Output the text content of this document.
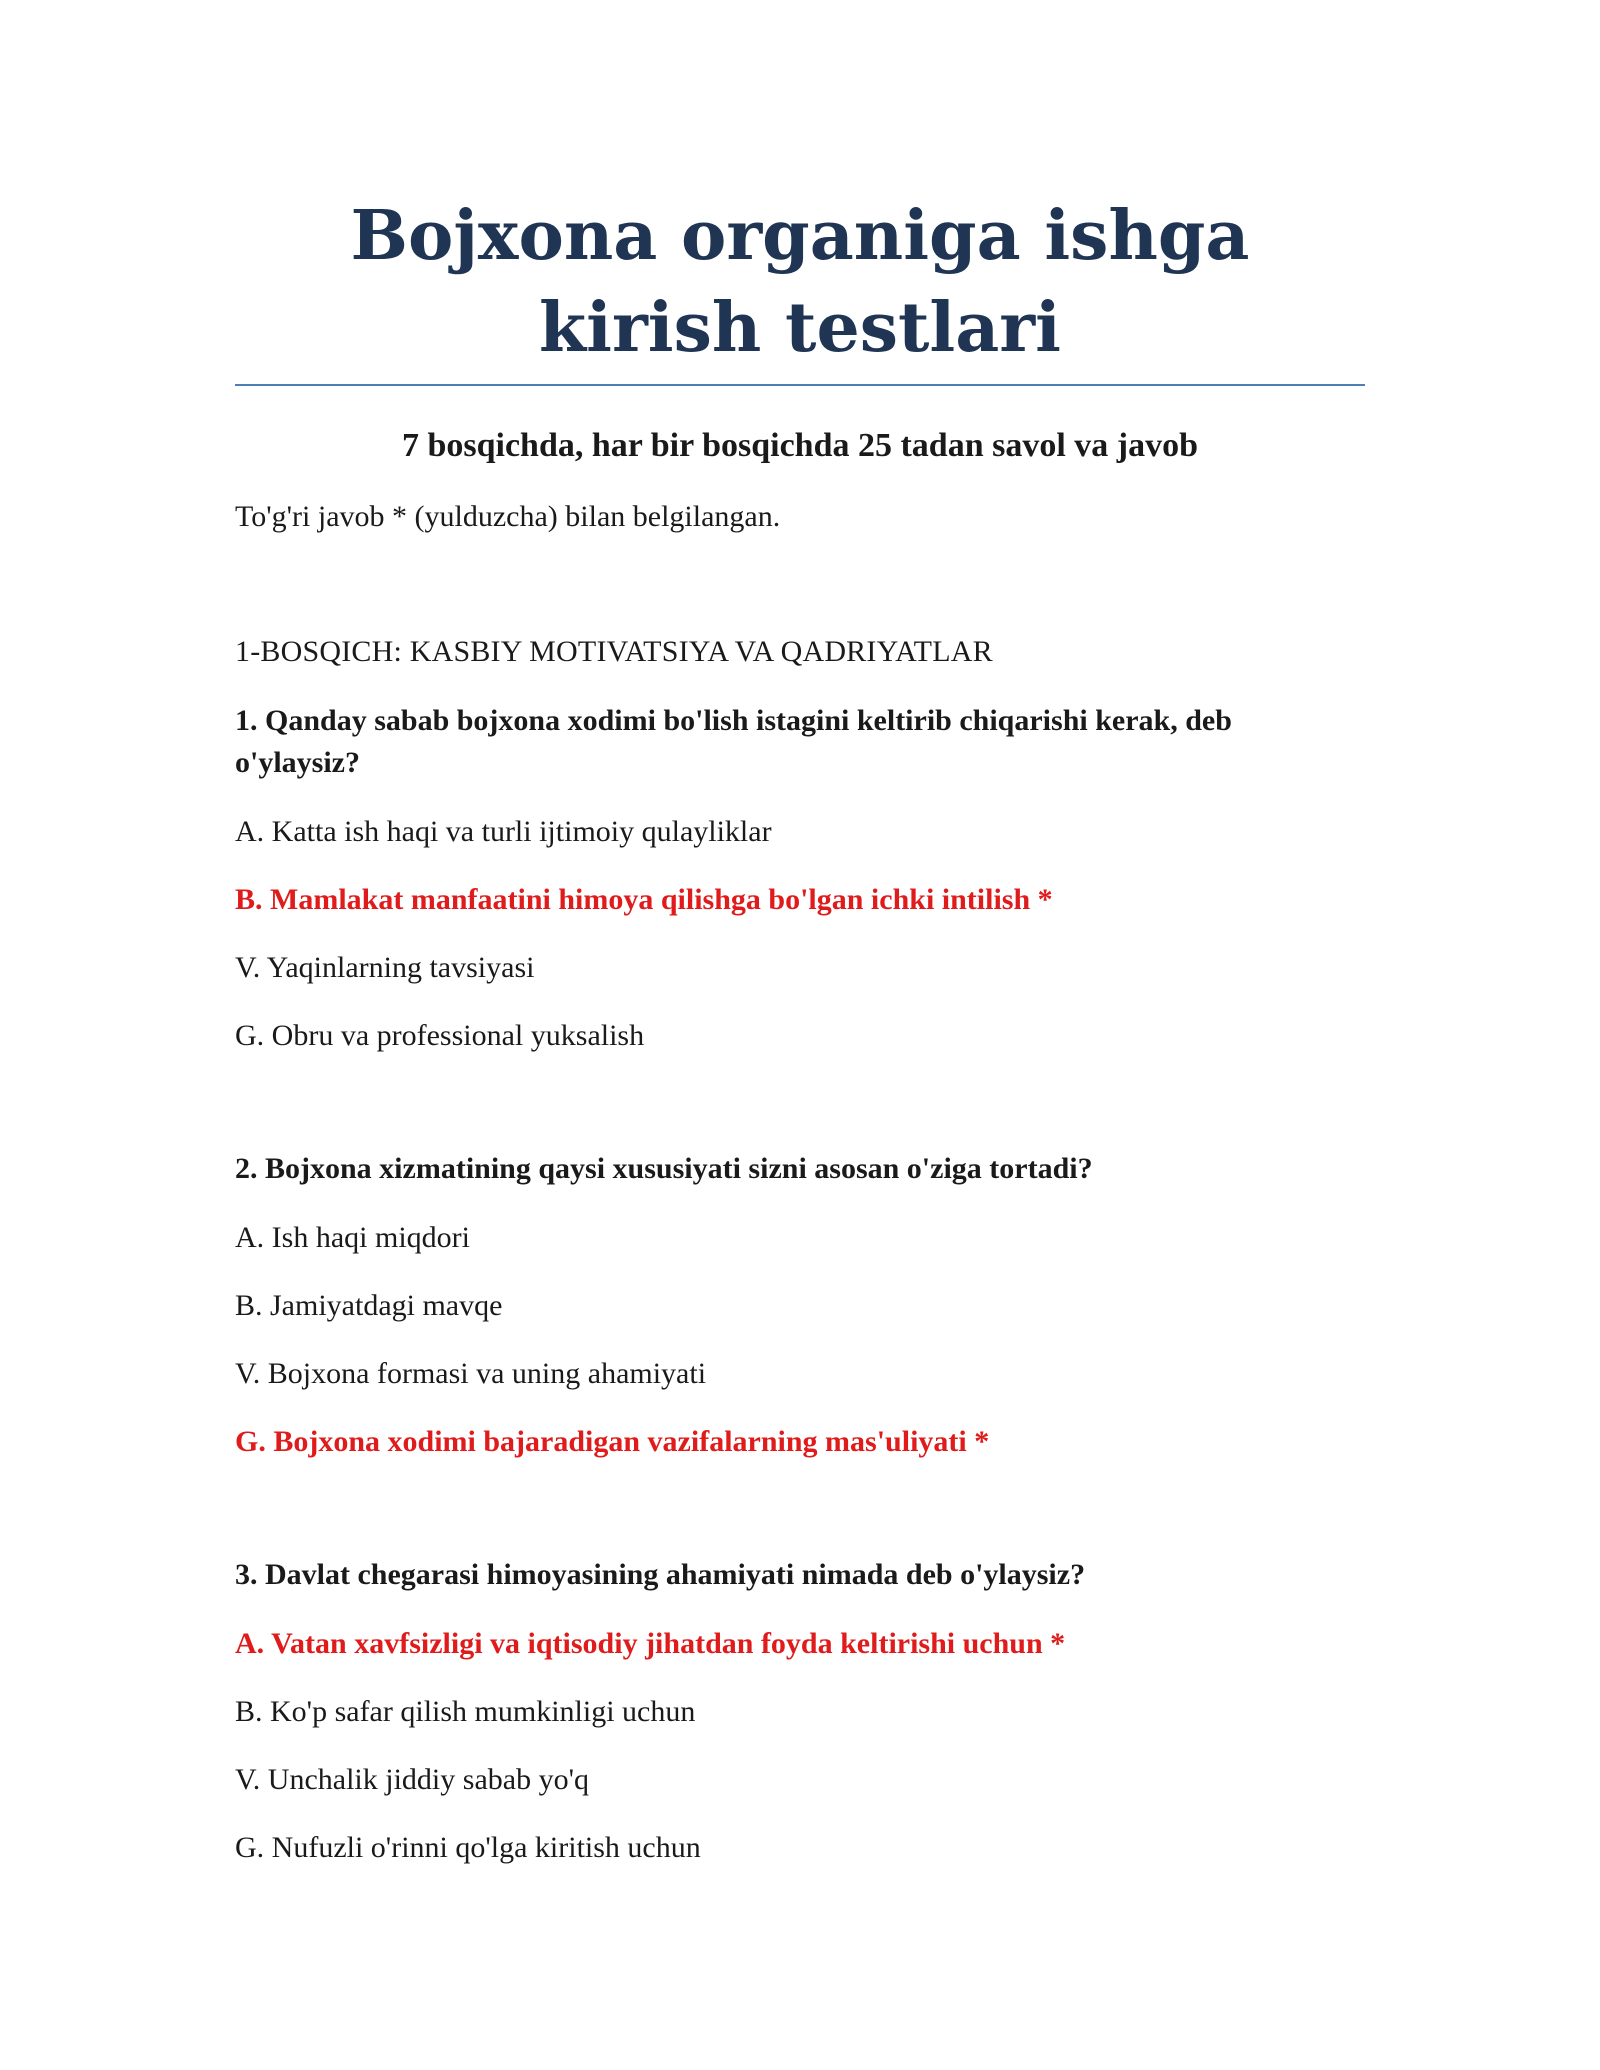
Bojxona organiga ishga kirish testlari
7 bosqichda, har bir bosqichda 25 tadan savol va javob
To'g'ri javob * (yulduzcha) bilan belgilangan.
1-BOSQICH: KASBIY MOTIVATSIYA VA QADRIYATLAR
1. Qanday sabab bojxona xodimi bo'lish istagini keltirib chiqarishi kerak, deb o'ylaysiz?
A. Katta ish haqi va turli ijtimoiy qulayliklar
B. Mamlakat manfaatini himoya qilishga bo'lgan ichki intilish *
V. Yaqinlarning tavsiyasi
G. Obru va professional yuksalish
2. Bojxona xizmatining qaysi xususiyati sizni asosan o'ziga tortadi?
A. Ish haqi miqdori
B. Jamiyatdagi mavqe
V. Bojxona formasi va uning ahamiyati
G. Bojxona xodimi bajaradigan vazifalarning mas'uliyati *
3. Davlat chegarasi himoyasining ahamiyati nimada deb o'ylaysiz?
A. Vatan xavfsizligi va iqtisodiy jihatdan foyda keltirishi uchun *
B. Ko'p safar qilish mumkinligi uchun
V. Unchalik jiddiy sabab yo'q
G. Nufuzli o'rinni qo'lga kiritish uchun
